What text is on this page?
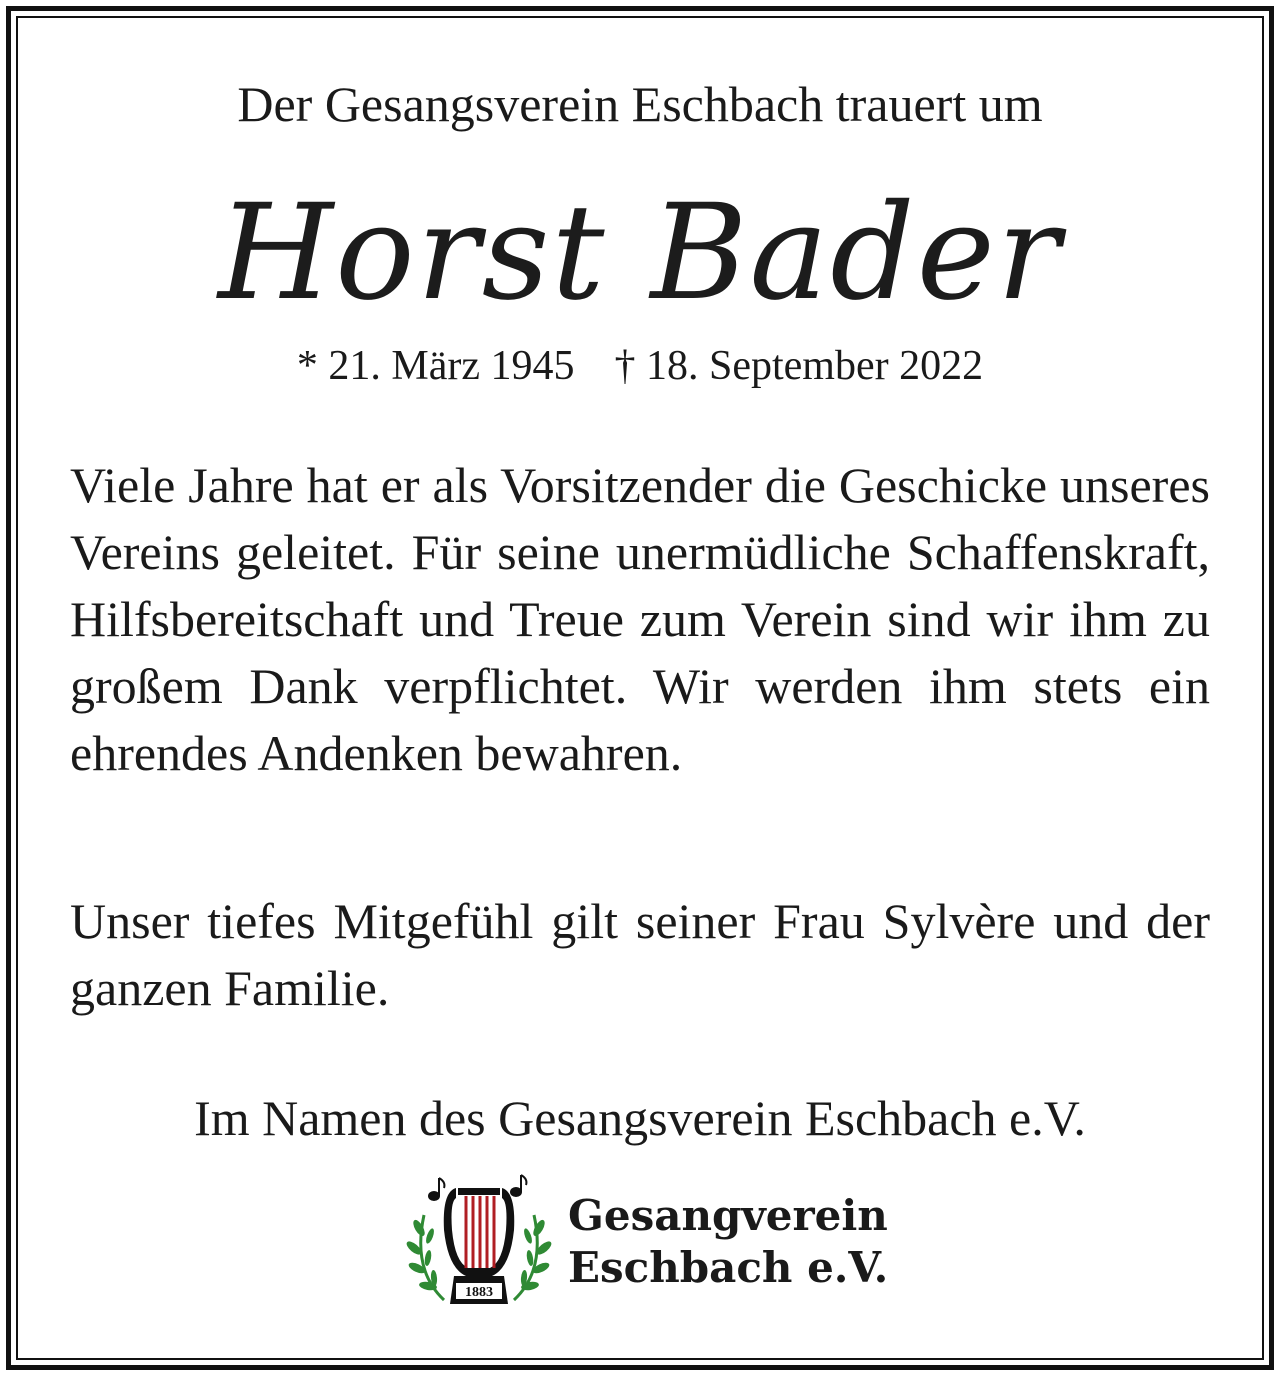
Der Gesangsverein Eschbach trauert um
Horst Bader
* 21. März 1945 † 18. September 2022
Viele Jahre hat er als Vorsitzender die Geschicke unseres Vereins geleitet. Für seine unermüdliche Schaffenskraft, Hilfsbereitschaft und Treue zum Verein sind wir ihm zu großem Dank verpflichtet. Wir werden ihm stets ein ehrendes Andenken bewahren.
Unser tiefes Mitgefühl gilt seiner Frau Sylvère und der ganzen Familie.
Im Namen des Gesangsverein Eschbach e.V.
1883
Gesangverein
Eschbach e.V.
